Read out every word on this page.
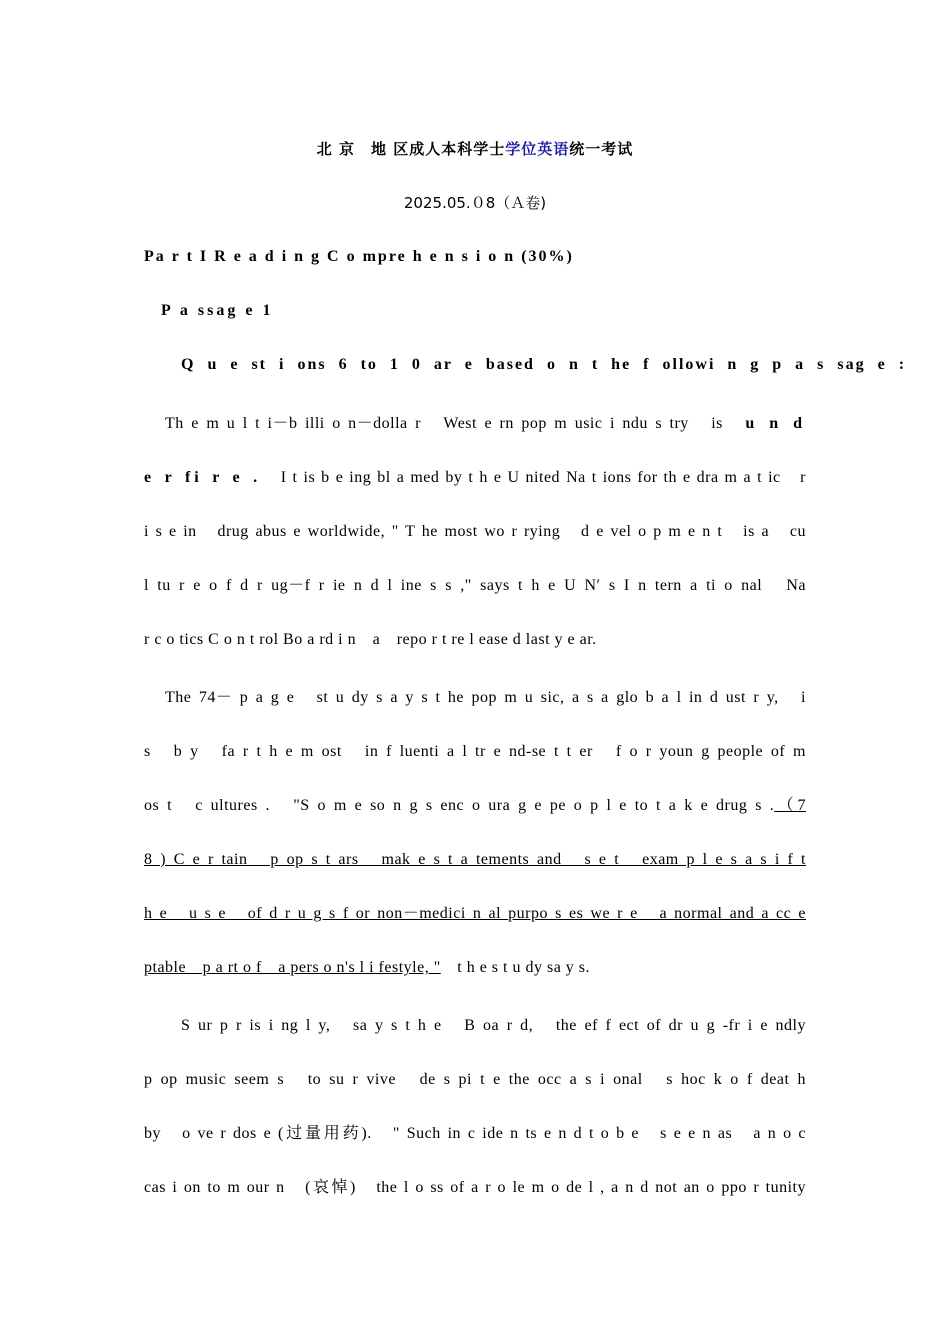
北 京　地 区成人本科学士学位英语统一考试
2025.05.０8（Ａ卷)
Pa r t I R e a d i n g C o mpre h e n s i o n (30%)
P a ssag e 1
Q u e st i ons 6 to 1 0 ar e based o n t he f ollowi n g p a s sag e :
Th e m u l t i－b illi o n－dolla r　West e rn pop m usic i ndu s try　is　u n d
e r fi r e .　I t is b e ing bl a med by t h e U nited Na t ions for th e dra m a t ic　r
i s e in　drug abus e worldwide, " T he most wo r rying　d e vel o p m e n t　is a　cu
l tu r e o f d r ug－f r ie n d l ine s s ," says t h e U N′ s I n tern a ti o nal　Na
r c o tics C o n t rol Bo a rd i n　a　repo r t re l ease d last y e ar.
The 74－ p a g e　st u dy s a y s t he pop m u sic, a s a glo b a l in d ust r y,　i
s　b y　fa r t h e m ost　in f luenti a l tr e nd-se t t er　f o r youn g people of m
os t　c ultures .　"S o m e so n g s enc o ura g e pe o p l e to t a k e drug s .（7
8 ) C e r tain　p op s t ars　mak e s t a tements and　s e t　exam p l e s a s i f t
h e　u s e　of d r u g s f or non－medici n al purpo s es we r e　a normal and a cc e
ptable　p a rt o f　a pers o n's l i festyle, "　t h e s t u dy sa y s.
S ur p r is i ng l y,　sa y s t h e　B oa r d,　the ef f ect of dr u g -fr i e ndly
p op music seem s　to su r vive　de s pi t e the occ a s i onal　s hoc k o f deat h
by　o ve r dos e (过量用药).　" Such in c ide n ts e n d t o b e　s e e n as　a n o c
cas i on to m our n　(哀悼)　the l o ss of a r o le m o de l , a n d not an o ppo r tunity
